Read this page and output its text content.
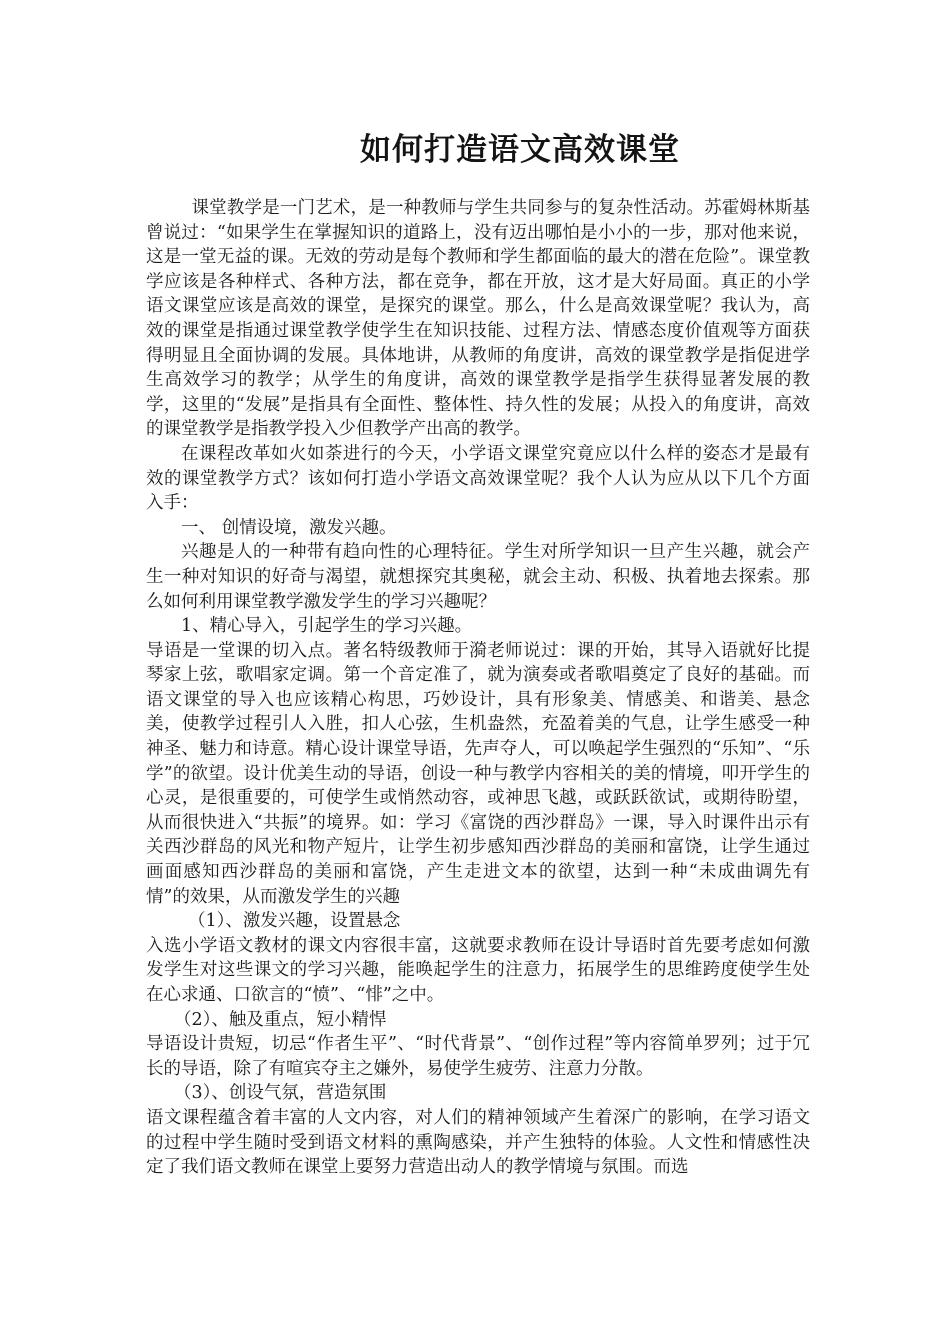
如何打造语文高效课堂

课堂教学是一门艺术，是一种教师与学生共同参与的复杂性活动。苏霍姆林斯基曾说过：“如果学生在掌握知识的道路上，没有迈出哪怕是小小的一步，那对他来说，这是一堂无益的课。无效的劳动是每个教师和学生都面临的最大的潜在危险”。课堂教学应该是各种样式、各种方法，都在竞争，都在开放，这才是大好局面。真正的小学语文课堂应该是高效的课堂，是探究的课堂。那么，什么是高效课堂呢？我认为，高效的课堂是指通过课堂教学使学生在知识技能、过程方法、情感态度价值观等方面获得明显且全面协调的发展。具体地讲，从教师的角度讲，高效的课堂教学是指促进学生高效学习的教学；从学生的角度讲，高效的课堂教学是指学生获得显著发展的教学，这里的“发展”是指具有全面性、整体性、持久性的发展；从投入的角度讲，高效的课堂教学是指教学投入少但教学产出高的教学。

在课程改革如火如荼进行的今天，小学语文课堂究竟应以什么样的姿态才是最有效的课堂教学方式？该如何打造小学语文高效课堂呢？我个人认为应从以下几个方面入手：

一、 创情设境，激发兴趣。

兴趣是人的一种带有趋向性的心理特征。学生对所学知识一旦产生兴趣，就会产生一种对知识的好奇与渴望，就想探究其奥秘，就会主动、积极、执着地去探索。那么如何利用课堂教学激发学生的学习兴趣呢？

1、精心导入，引起学生的学习兴趣。

导语是一堂课的切入点。著名特级教师于漪老师说过：课的开始，其导入语就好比提琴家上弦，歌唱家定调。第一个音定准了，就为演奏或者歌唱奠定了良好的基础。而语文课堂的导入也应该精心构思，巧妙设计，具有形象美、情感美、和谐美、悬念美，使教学过程引人入胜，扣人心弦，生机盎然，充盈着美的气息，让学生感受一种神圣、魅力和诗意。精心设计课堂导语，先声夺人，可以唤起学生强烈的“乐知”、“乐学”的欲望。设计优美生动的导语，创设一种与教学内容相关的美的情境，叩开学生的心灵，是很重要的，可使学生或悄然动容，或神思飞越，或跃跃欲试，或期待盼望，从而很快进入“共振”的境界。如：学习《富饶的西沙群岛》一课，导入时课件出示有关西沙群岛的风光和物产短片，让学生初步感知西沙群岛的美丽和富饶，让学生通过画面感知西沙群岛的美丽和富饶，产生走进文本的欲望，达到一种“未成曲调先有情”的效果，从而激发学生的兴趣

（1）、激发兴趣，设置悬念

入选小学语文教材的课文内容很丰富，这就要求教师在设计导语时首先要考虑如何激发学生对这些课文的学习兴趣，能唤起学生的注意力，拓展学生的思维跨度使学生处在心求通、口欲言的“愤”、“悱”之中。

（2）、触及重点，短小精悍

导语设计贵短，切忌“作者生平”、“时代背景”、“创作过程”等内容简单罗列；过于冗长的导语，除了有喧宾夺主之嫌外，易使学生疲劳、注意力分散。

（3）、创设气氛，营造氛围

语文课程蕴含着丰富的人文内容，对人们的精神领域产生着深广的影响，在学习语文的过程中学生随时受到语文材料的熏陶感染，并产生独特的体验。人文性和情感性决定了我们语文教师在课堂上要努力营造出动人的教学情境与氛围。而选
